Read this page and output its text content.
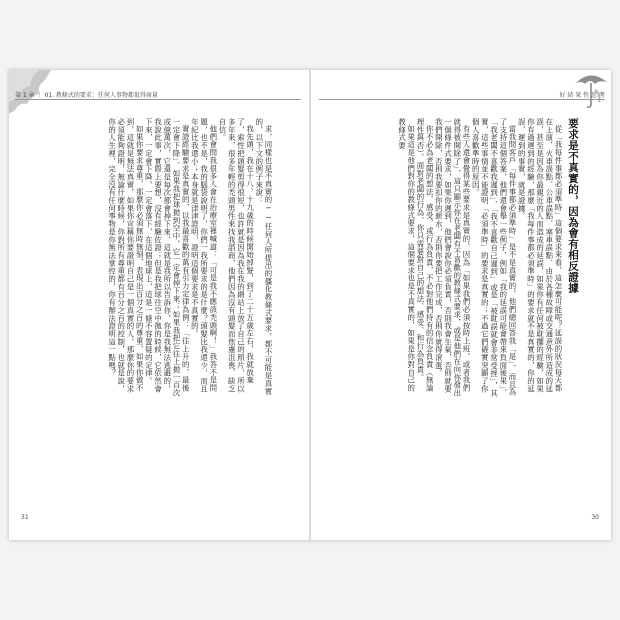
第 1 章 ｜ 01. 教條式的要求：任何人事物都很得商量	好 結 果 性 思 考

求，同樣也是不真實的──任何人所提出的僵化教條式要求，都不可能是真實的，以下文的例子來說：

我先頭，我在十八、十九歲的時候開始掉髮，到了二十五歲左右，我就放棄了，索性把頭髮剪得很短，也許就是因為我在我的網站上放了自己的照片，所以多年來，很多年輕的禿頭男性來找我諮商，他們因為沒有頭髮而焦慮沮喪、缺乏自信。

他們會問我很多人會在治療室裡喊道：「可是我不應該禿頭啊！」我答不是問題，也不是，我的腦袋說明了，你們一我所要求的是什麼？頭髮比我還少，而且年紀比我還小；本身就是津津證明，證明這個要求是不真實的。

實證經驗要求是真實的，以我最喜歡的萬有引力定律為例：「往上升的，最後一定會下降」，如果我把球拋到空中，它一定會掉下來；如果我把它往上拋一百次或億萬次，它還是每次都會掉下來，這就是我所以告訴你，你是我無法逃避的，我說此事，實際上要想，沒有經驗佐證；但是我把球往空中拋的時候，它依然會下來，一定會下降，一定會落下，在這個地球上，這是一條不容置疑的定律。

如果你要求尊重，那麼你必須無時無刻，表現出百分之百的尊重，如果你做不到，這就是無法真實，如果你宣稱你要證明自己是一個真實的人，那麼你的要求必須能夠證明，無論什麼時候，你對所有尊重都有百分之百的控制，也就是說，你的人生裡，完全沒有任何事物是你無法掌控的，你有辦法證明這一點嗎？	要求是不真實的，因為會有相反證據

從「我每件事都必須準時」這個要求來看，這怎麼可能呢？延誤的狀況每天都在上演，火車誤點、公車誤點、塞車誤點、由於各種故障或交通意外所造成的延誤，甚至是因為你最親近的人而造成的延誤，如果你有任何被耽擱的經驗，如果你有過遲到的經驗，那麼「我每件事都必須準時」的要求就不是真實的，你的延誤、遲到的事實，就是證據。

當我問客戶「每件事都必須準時」是不是真實的，他們總回答我「是」，而且為了支持這個答案，他們還會舉一些例子，例如「我的延誤可能會帶來負面後果」、「我老闆不喜歡我遲到」、「我不喜歡自己遲到」或是「被耽誤就會非常受挫」，其實，這些事情並不能證明「必須準時」的要求是真實的；不過它們確實突顯了你個人喜歡準時的原因。

有些人還會覺得某些要求是真實的，因為「如果我們必須按時上班，或者我們就得被開除了」，這只顯示你在老闆有不喜歡的教條式要求，或是他們在向你發出一個條件式要求，如果你遲到，他們會說你必須負責，否則我會生氣，否則就要我們開除，否則我要扣你的薪水，否則你要把工作完成，否則你就得滾蛋。

你不必為老闆的想法、感受、或行為負責，不必對他們持有的信念負責（無論理性與否），面對老闆的行為，你只需要對自己的想法、感受、和行為負責。

如果這是他們對你的教條式要求，這個要求也是不真實的，如果是你對自己的教條式要

31	30
